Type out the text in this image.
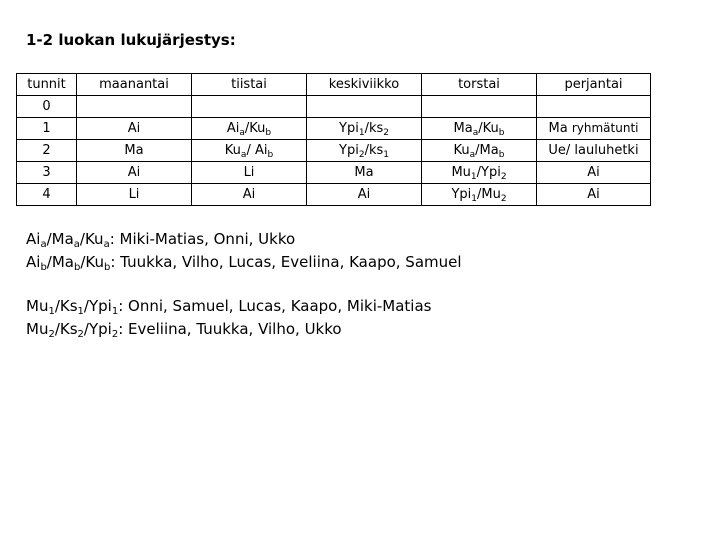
1-2 luokan lukujärjestys:
tunnit	maanantai	tiistai	keskiviikko	torstai	perjantai
0					
1	Ai	$Ai_a/Ku_b$	$Ypi_1/ks_2$	$Ma_a/Ku_b$	Ma ryhmätunti
2	Ma	$Ku_a/$ $Ai_b$	$Ypi_2/ks_1$	$Ku_a/Ma_b$	Ue/ lauluhetki
3	Ai	Li	Ma	$Mu_1/Ypi_2$	Ai
4	Li	Ai	Ai	$Ypi_1/Mu_2$	Ai
$Ai_a/Ma_a/Ku_a$: Miki-Matias, Onni, Ukko
$Ai_b/Ma_b/Ku_b$: Tuukka, Vilho, Lucas, Eveliina, Kaapo, Samuel
$Mu_1/Ks_1/Ypi_1$: Onni, Samuel, Lucas, Kaapo, Miki-Matias
$Mu_2/Ks_2/Ypi_2$: Eveliina, Tuukka, Vilho, Ukko
